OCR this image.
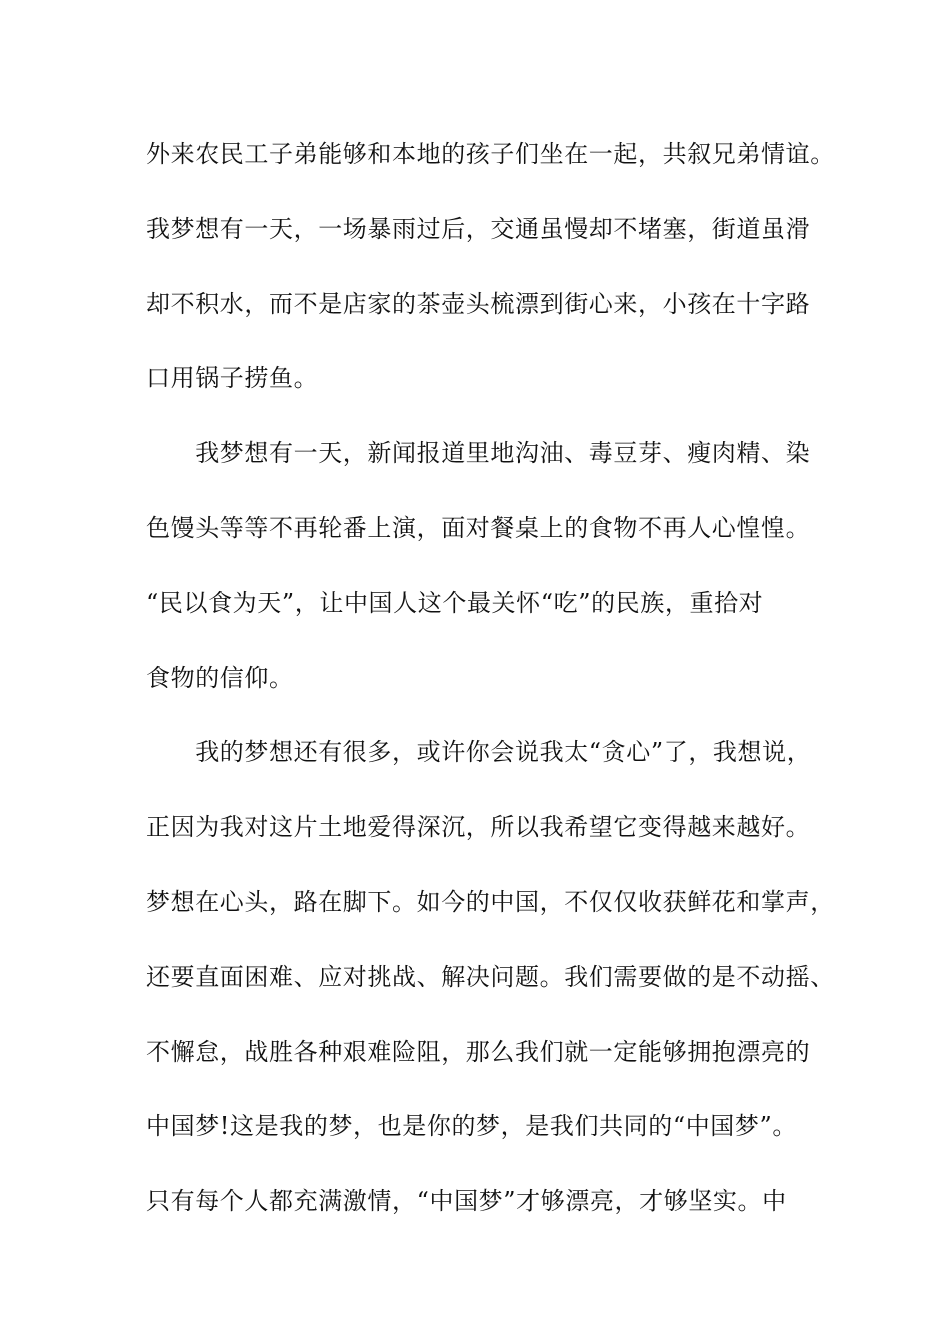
外来农民工子弟能够和本地的孩子们坐在一起，共叙兄弟情谊。
我梦想有一天，一场暴雨过后，交通虽慢却不堵塞，街道虽滑
却不积水，而不是店家的茶壶头梳漂到街心来，小孩在十字路
口用锅子捞鱼。
　　我梦想有一天，新闻报道里地沟油、毒豆芽、瘦肉精、染
色馒头等等不再轮番上演，面对餐桌上的食物不再人心惶惶。
“民以食为天”，让中国人这个最关怀“吃”的民族，重拾对
食物的信仰。
　　我的梦想还有很多，或许你会说我太“贪心”了，我想说，
正因为我对这片土地爱得深沉，所以我希望它变得越来越好。
梦想在心头，路在脚下。如今的中国，不仅仅收获鲜花和掌声，
还要直面困难、应对挑战、解决问题。我们需要做的是不动摇、
不懈怠，战胜各种艰难险阻，那么我们就一定能够拥抱漂亮的
中国梦!这是我的梦，也是你的梦，是我们共同的“中国梦”。
只有每个人都充满激情，“中国梦”才够漂亮，才够坚实。中
